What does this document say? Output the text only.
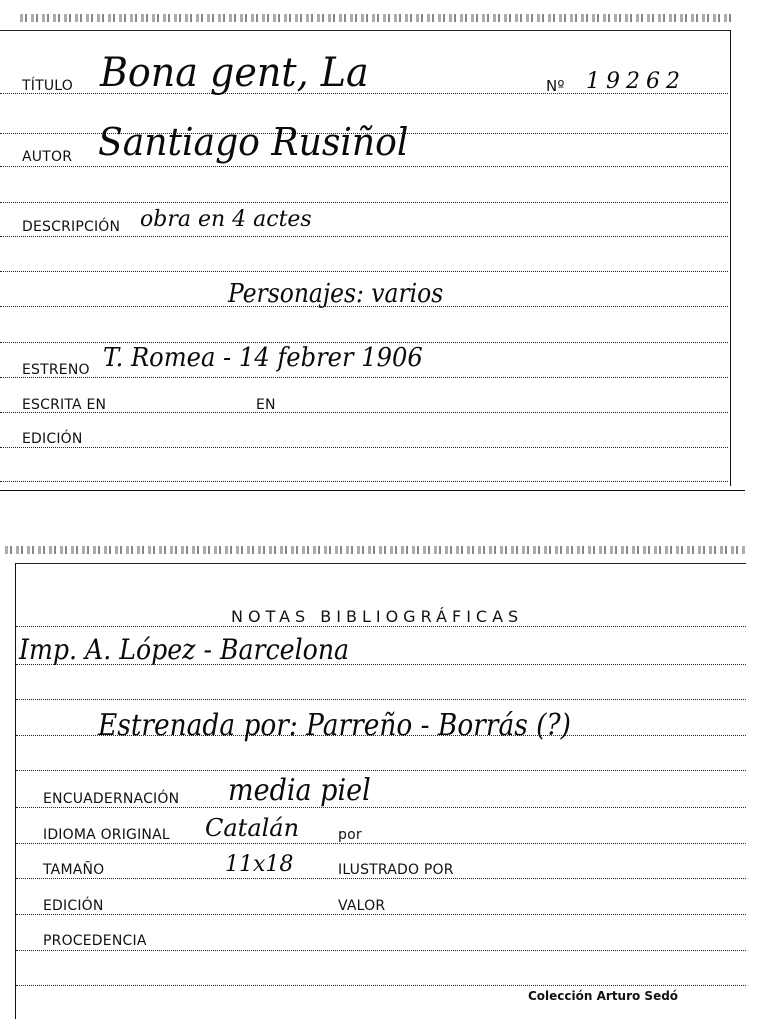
TÍTULO Bona gent, La	Nº 19262
AUTOR Santiago Rusiñol
DESCRIPCIÓN obra en 4 actes
Personajes: varios
ESTRENO T. Romea - 14 febrer 1906
ESCRITA EN	EN
EDICIÓN
NOTAS BIBLIOGRÁFICAS
Imp. A. López - Barcelona
Estrenada por: Parreño - Borrás (?)
ENCUADERNACIÓN media piel
IDIOMA ORIGINAL Catalán	por
TAMAÑO	11x18	ILUSTRADO POR
EDICIÓN	VALOR
PROCEDENCIA
Colección Arturo Sedó
